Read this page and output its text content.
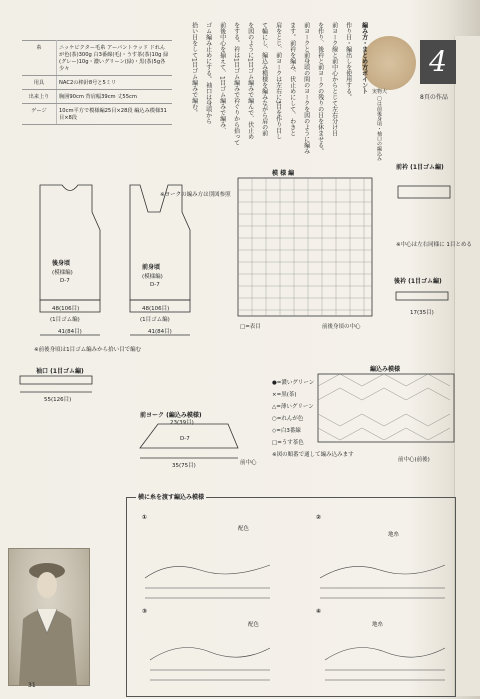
4
実物大
8頁の作品
〇は前後身頃・袖口の編込み
糸	ニッケビクター毛糸 アーバントラッド ドれんが色(茶)300g 白3番線(毛)・うす茶(茶)10g 緑(グレー)10g・濃いグリーン(緑)・黒(茶)5g各少々
用具	NAC2の棒針8号と5ミリ
出来上り	胸囲90cm 背肩幅39cm 丈55cm
ゲージ	10cm平方で模様編25目×28段 編込み模様31目×8段
編み方・まとめ方ポイント
作り目・編出しを使用する。
前ヨーク線と前中心からとじて左右分け目
を作り、後衿と前ヨークの残りの目を休ませる。
前ヨークと前身頃の間のヨークを図のように編み
ます。前衿を編み、伏止めにして、わきと
肩をとじ、前ヨークは左右に3目を作り目し
て輪にし、編込み模様を編みながら肩の前
を図のように1目ゴム編みで編んで、伏止め
をする。衿は1目ゴム編みで衿ぐりから拾って
前後中心を揃えて、1目ゴム編みで編み、
ゴム編み止めにする。袖口は身頃から
拾い目をして1目ゴム編みで編む。
後身頃
(模様編)
D-7
(1目ゴム編)
48(106目)
41(84目)
前身頃
(模様編)
D-7
(1目ゴム編)
48(106目)
41(84目)
※ヨークの編み方は別図参照
※前後身頃は1目ゴム編みから拾い目で編む
模 様 編
□=表目	前後身頃の中心
前衿 (1目ゴム編)
※中心は左右同様に 1目とめる
後衿 (1目ゴム編)
17(35目)
袖口 (1目ゴム編)
55(126目)
前ヨーク (編込み模様)
23(39目)
D-7
35(75目)	前中心
編込み模様
●=濃いグリーン
×=黒(茶)
△=薄いグリーン
○=れんが色
◇=白3番線
□=うす茶色
※図の順番で通して編み込みます
前中心(前後)
横に糸を渡す編込み模様
①	②
③	④
配色
地糸
配色	地糸
31
